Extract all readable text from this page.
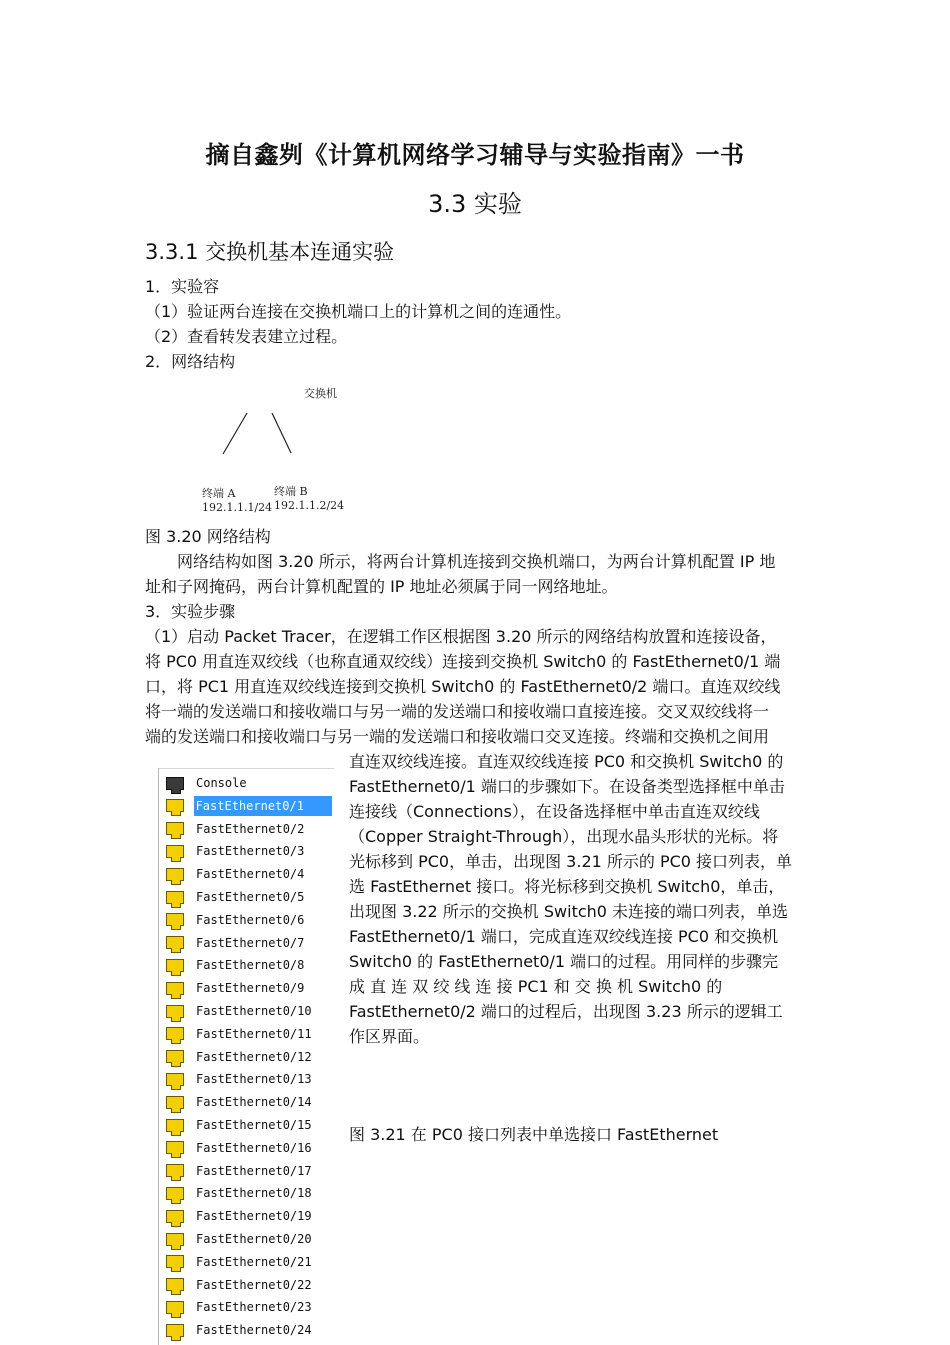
摘自鑫刿《计算机网络学习辅导与实验指南》一书
3.3 实验
3.3.1 交换机基本连通实验
1．实验容
（1）验证两台连接在交换机端口上的计算机之间的连通性。
（2）查看转发表建立过程。
2．网络结构
交换机
终端 A
192.1.1.1/24
终端 B
192.1.1.2/24
图 3.20 网络结构
网络结构如图 3.20 所示，将两台计算机连接到交换机端口，为两台计算机配置 IP 地
址和子网掩码，两台计算机配置的 IP 地址必须属于同一网络地址。
3．实验步骤
（1）启动 Packet Tracer，在逻辑工作区根据图 3.20 所示的网络结构放置和连接设备，
将 PC0 用直连双绞线（也称直通双绞线）连接到交换机 Switch0 的 FastEthernet0/1 端
口，将 PC1 用直连双绞线连接到交换机 Switch0 的 FastEthernet0/2 端口。直连双绞线
将一端的发送端口和接收端口与另一端的发送端口和接收端口直接连接。交叉双绞线将一
端的发送端口和接收端口与另一端的发送端口和接收端口交叉连接。终端和交换机之间用
直连双绞线连接。直连双绞线连接 PC0 和交换机 Switch0 的
FastEthernet0/1 端口的步骤如下。在设备类型选择框中单击
连接线（Connections），在设备选择框中单击直连双绞线
（Copper Straight-Through），出现水晶头形状的光标。将
光标移到 PC0，单击，出现图 3.21 所示的 PC0 接口列表，单
选 FastEthernet 接口。将光标移到交换机 Switch0，单击，
出现图 3.22 所示的交换机 Switch0 未连接的端口列表，单选
FastEthernet0/1 端口，完成直连双绞线连接 PC0 和交换机
Switch0 的 FastEthernet0/1 端口的过程。用同样的步骤完
成 直 连 双 绞 线 连 接 PC1 和 交 换 机 Switch0 的
FastEthernet0/2 端口的过程后，出现图 3.23 所示的逻辑工
作区界面。
图 3.21 在 PC0 接口列表中单选接口 FastEthernet
Console
FastEthernet0/1
FastEthernet0/2
FastEthernet0/3
FastEthernet0/4
FastEthernet0/5
FastEthernet0/6
FastEthernet0/7
FastEthernet0/8
FastEthernet0/9
FastEthernet0/10
FastEthernet0/11
FastEthernet0/12
FastEthernet0/13
FastEthernet0/14
FastEthernet0/15
FastEthernet0/16
FastEthernet0/17
FastEthernet0/18
FastEthernet0/19
FastEthernet0/20
FastEthernet0/21
FastEthernet0/22
FastEthernet0/23
FastEthernet0/24
